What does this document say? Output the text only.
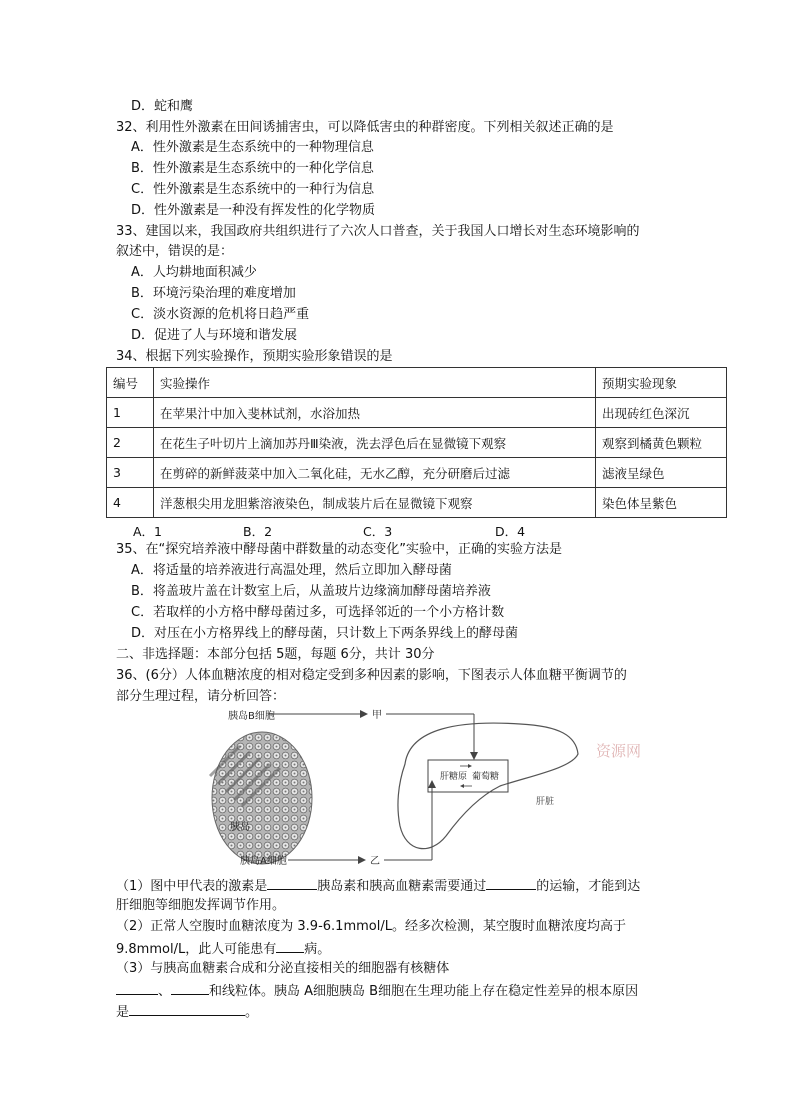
D．蛇和鹰
32、利用性外激素在田间诱捕害虫，可以降低害虫的种群密度。下列相关叙述正确的是
A．性外激素是生态系统中的一种物理信息
B．性外激素是生态系统中的一种化学信息
C．性外激素是生态系统中的一种行为信息
D．性外激素是一种没有挥发性的化学物质
33、建国以来，我国政府共组织进行了六次人口普查，关于我国人口增长对生态环境影响的
叙述中，错误的是：
A．人均耕地面积减少
B．环境污染治理的难度增加
C．淡水资源的危机将日趋严重
D．促进了人与环境和谐发展
34、根据下列实验操作，预期实验形象错误的是
编号	实验操作	预期实验现象
1	在苹果汁中加入斐林试剂，水浴加热	出现砖红色深沉
2	在花生子叶切片上滴加苏丹Ⅲ染液，洗去浮色后在显微镜下观察	观察到橘黄色颗粒
3	在剪碎的新鲜菠菜中加入二氧化硅，无水乙醇，充分研磨后过滤	滤液呈绿色
4	洋葱根尖用龙胆紫溶液染色，制成装片后在显微镜下观察	染色体呈紫色
A．1	B．2	C．3	D．4
35、在“探究培养液中酵母菌中群数量的动态变化”实验中，正确的实验方法是
A．将适量的培养液进行高温处理，然后立即加入酵母菌
B．将盖玻片盖在计数室上后，从盖玻片边缘滴加酵母菌培养液
C．若取样的小方格中酵母菌过多，可选择邻近的一个小方格计数
D．对压在小方格界线上的酵母菌，只计数上下两条界线上的酵母菌
二、非选择题：本部分包括 5题，每题 6分，共计 30分
36、(6分）人体血糖浓度的相对稳定受到多种因素的影响，下图表示人体血糖平衡调节的
部分生理过程，请分析回答：
胰岛B细胞	甲
胰岛
胰岛A细胞	乙
肝糖原 葡萄糖
肝脏
资源网
（1）图中甲代表的激素是	胰岛素和胰高血糖素需要通过	的运输，才能到达
肝细胞等细胞发挥调节作用。
（2）正常人空腹时血糖浓度为 3.9-6.1mmol/L。经多次检测，某空腹时血糖浓度均高于
9.8mmol/L，此人可能患有 病。
（3）与胰高血糖素合成和分泌直接相关的细胞器有核糖体
、	和线粒体。胰岛 A细胞胰岛 B细胞在生理功能上存在稳定性差异的根本原因
是	。
